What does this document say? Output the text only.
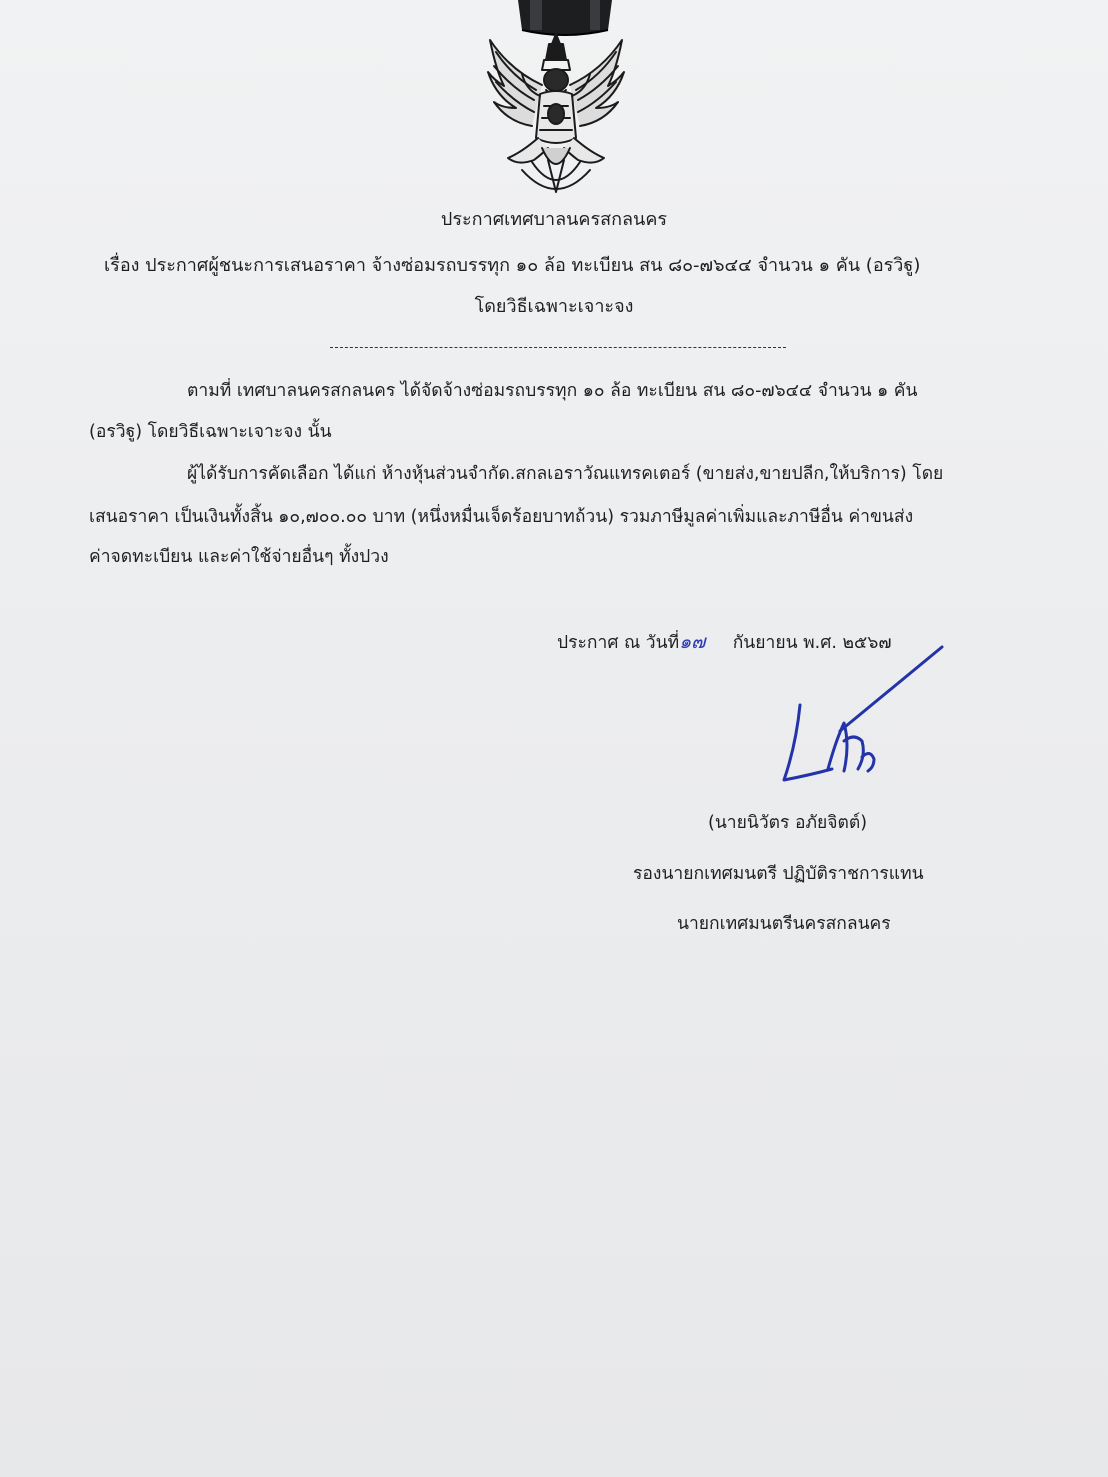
ประกาศเทศบาลนครสกลนคร
เรื่อง ประกาศผู้ชนะการเสนอราคา จ้างซ่อมรถบรรทุก ๑๐ ล้อ ทะเบียน สน ๘๐-๗๖๔๔ จำนวน ๑ คัน (อรวิฐู)
โดยวิธีเฉพาะเจาะจง
ตามที่ เทศบาลนครสกลนคร ได้จัดจ้างซ่อมรถบรรทุก ๑๐ ล้อ ทะเบียน สน ๘๐-๗๖๔๔ จำนวน ๑ คัน
(อรวิฐู) โดยวิธีเฉพาะเจาะจง นั้น
ผู้ได้รับการคัดเลือก ได้แก่ ห้างหุ้นส่วนจำกัด.สกลเอราวัณแทรคเตอร์ (ขายส่ง,ขายปลีก,ให้บริการ) โดย
เสนอราคา เป็นเงินทั้งสิ้น ๑๐,๗๐๐.๐๐ บาท (หนึ่งหมื่นเจ็ดร้อยบาทถ้วน) รวมภาษีมูลค่าเพิ่มและภาษีอื่น ค่าขนส่ง
ค่าจดทะเบียน และค่าใช้จ่ายอื่นๆ ทั้งปวง
ประกาศ ณ วันที่๑๗ กันยายน พ.ศ. ๒๕๖๗
(นายนิวัตร อภัยจิตต์)
รองนายกเทศมนตรี ปฏิบัติราชการแทน
นายกเทศมนตรีนครสกลนคร
